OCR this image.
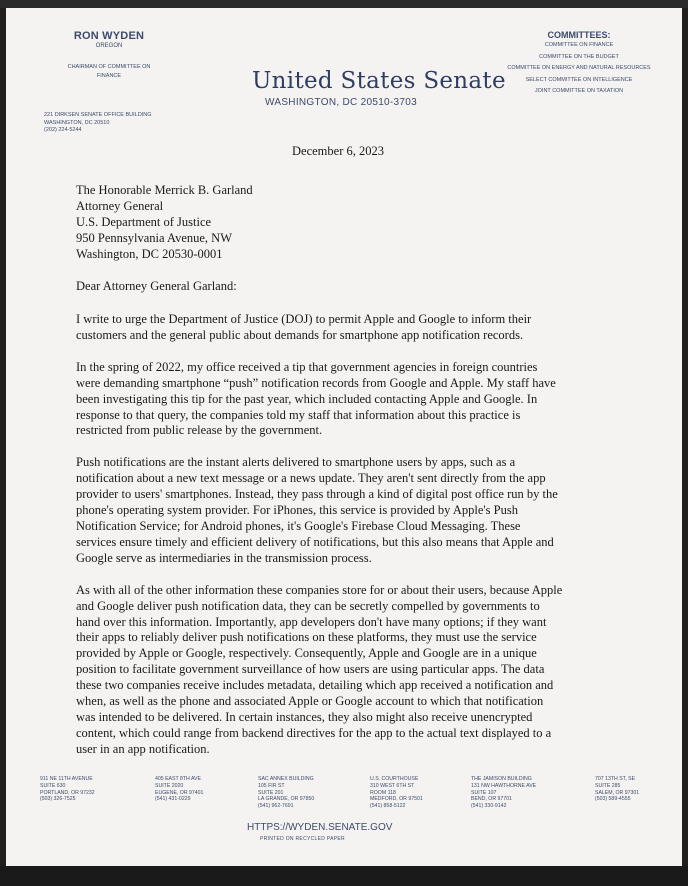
RON WYDEN
OREGON
CHAIRMAN OF COMMITTEE ON
FINANCE
221 DIRKSEN SENATE OFFICE BUILDING
WASHINGTON, DC 20510
(202) 224-5244
United States Senate
WASHINGTON, DC 20510-3703
COMMITTEES:
COMMITTEE ON FINANCE
COMMITTEE ON THE BUDGET
COMMITTEE ON ENERGY AND NATURAL RESOURCES
SELECT COMMITTEE ON INTELLIGENCE
JOINT COMMITTEE ON TAXATION
December 6, 2023
The Honorable Merrick B. Garland
Attorney General
U.S. Department of Justice
950 Pennsylvania Avenue, NW
Washington, DC 20530-0001
Dear Attorney General Garland:

I write to urge the Department of Justice (DOJ) to permit Apple and Google to inform their
customers and the general public about demands for smartphone app notification records.

In the spring of 2022, my office received a tip that government agencies in foreign countries
were demanding smartphone “push” notification records from Google and Apple. My staff have
been investigating this tip for the past year, which included contacting Apple and Google. In
response to that query, the companies told my staff that information about this practice is
restricted from public release by the government.

Push notifications are the instant alerts delivered to smartphone users by apps, such as a
notification about a new text message or a news update. They aren't sent directly from the app
provider to users' smartphones. Instead, they pass through a kind of digital post office run by the
phone's operating system provider. For iPhones, this service is provided by Apple's Push
Notification Service; for Android phones, it's Google's Firebase Cloud Messaging. These
services ensure timely and efficient delivery of notifications, but this also means that Apple and
Google serve as intermediaries in the transmission process.

As with all of the other information these companies store for or about their users, because Apple
and Google deliver push notification data, they can be secretly compelled by governments to
hand over this information. Importantly, app developers don't have many options; if they want
their apps to reliably deliver push notifications on these platforms, they must use the service
provided by Apple or Google, respectively. Consequently, Apple and Google are in a unique
position to facilitate government surveillance of how users are using particular apps. The data
these two companies receive includes metadata, detailing which app received a notification and
when, as well as the phone and associated Apple or Google account to which that notification
was intended to be delivered. In certain instances, they also might also receive unencrypted
content, which could range from backend directives for the app to the actual text displayed to a
user in an app notification.

911 NE 11TH AVENUE
SUITE 630
PORTLAND, OR 97232
(503) 326-7525
405 EAST 8TH AVE
SUITE 2020
EUGENE, OR 97401
(541) 431-0229
SAC ANNEX BUILDING
105 FIR ST
SUITE 201
LA GRANDE, OR 97850
(541) 962-7691
U.S. COURTHOUSE
310 WEST 6TH ST
ROOM 118
MEDFORD, OR 97501
(541) 858-5122
THE JAMISON BUILDING
131 NW HAWTHORNE AVE
SUITE 107
BEND, OR 97701
(541) 330-9142
707 13TH ST, SE
SUITE 285
SALEM, OR 97301
(503) 589-4555
HTTPS://WYDEN.SENATE.GOV
PRINTED ON RECYCLED PAPER
